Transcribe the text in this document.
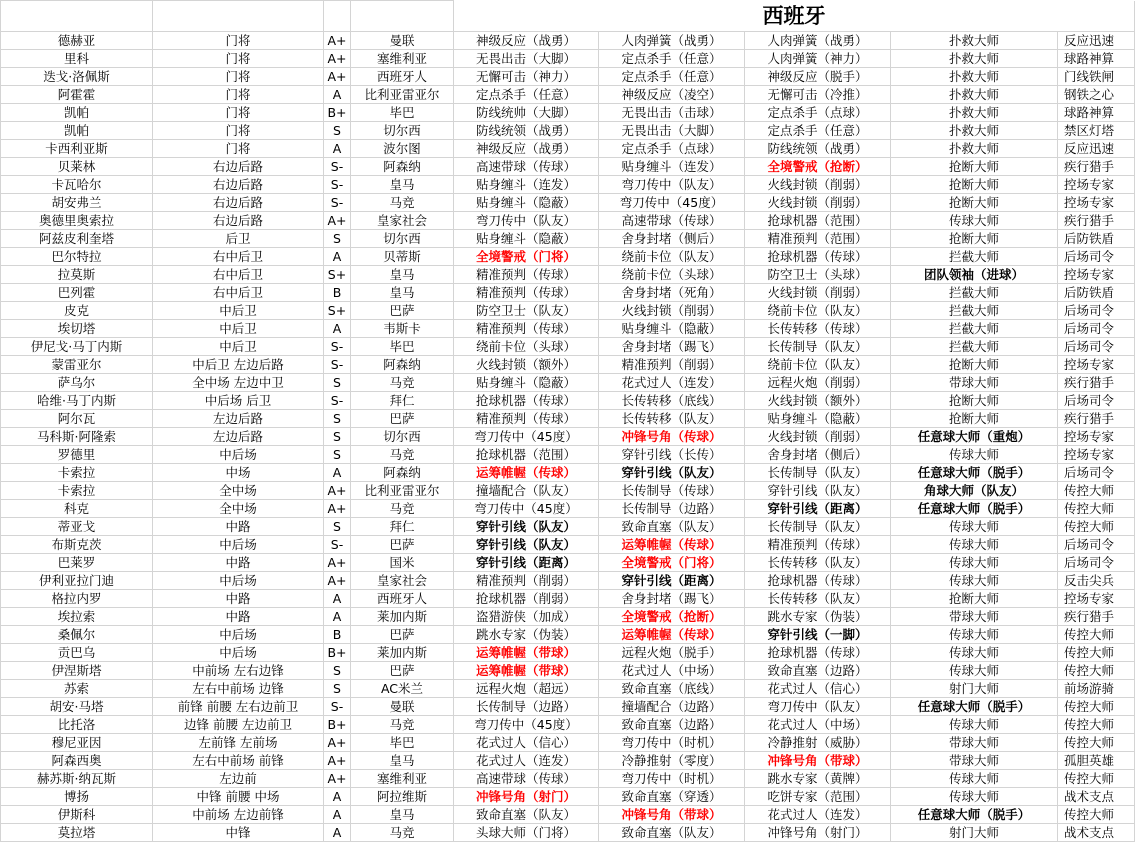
				西班牙				
德赫亚	门将	A+	曼联	神级反应（战勇）	人肉弹簧（战勇）	人肉弹簧（战勇）	扑救大师	反应迅速
里科	门将	A+	塞维利亚	无畏出击（大脚）	定点杀手（任意）	人肉弹簧（神力）	扑救大师	球路神算
迭戈·洛佩斯	门将	A+	西班牙人	无懈可击（神力）	定点杀手（任意）	神级反应（脱手）	扑救大师	门线铁闸
阿霍霍	门将	A	比利亚雷亚尔	定点杀手（任意）	神级反应（凌空）	无懈可击（冷推）	扑救大师	钢铁之心
凯帕	门将	B+	毕巴	防线统帅（大脚）	无畏出击（击球）	定点杀手（点球）	扑救大师	球路神算
凯帕	门将	S	切尔西	防线统领（战勇）	无畏出击（大脚）	定点杀手（任意）	扑救大师	禁区灯塔
卡西利亚斯	门将	A	波尔图	神级反应（战勇）	定点杀手（点球）	防线统领（战勇）	扑救大师	反应迅速
贝莱林	右边后路	S-	阿森纳	高速带球（传球）	贴身缠斗（连发）	全境警戒（抢断）	抢断大师	疾行猎手
卡瓦哈尔	右边后路	S-	皇马	贴身缠斗（连发）	弯刀传中（队友）	火线封锁（削弱）	抢断大师	控场专家
胡安弗兰	右边后路	S-	马竞	贴身缠斗（隐蔽）	弯刀传中（45度）	火线封锁（削弱）	抢断大师	控场专家
奥德里奥索拉	右边后路	A+	皇家社会	弯刀传中（队友）	高速带球（传球）	抢球机器（范围）	传球大师	疾行猎手
阿兹皮利奎塔	后卫	S	切尔西	贴身缠斗（隐蔽）	舍身封堵（侧后）	精准预判（范围）	抢断大师	后防铁盾
巴尔特拉	右中后卫	A	贝蒂斯	全境警戒（门将）	绕前卡位（队友）	抢球机器（传球）	拦截大师	后场司令
拉莫斯	右中后卫	S+	皇马	精准预判（传球）	绕前卡位（头球）	防空卫士（头球）	团队领袖（进球）	控场专家
巴列霍	右中后卫	B	皇马	精准预判（传球）	舍身封堵（死角）	火线封锁（削弱）	拦截大师	后防铁盾
皮克	中后卫	S+	巴萨	防空卫士（队友）	火线封锁（削弱）	绕前卡位（队友）	拦截大师	后场司令
埃切塔	中后卫	A	韦斯卡	精准预判（传球）	贴身缠斗（隐蔽）	长传转移（传球）	拦截大师	后场司令
伊尼戈·马丁内斯	中后卫	S-	毕巴	绕前卡位（头球）	舍身封堵（踢飞）	长传制导（队友）	拦截大师	后场司令
蒙雷亚尔	中后卫 左边后路	S-	阿森纳	火线封锁（额外）	精准预判（削弱）	绕前卡位（队友）	抢断大师	控场专家
萨乌尔	全中场 左边中卫	S	马竞	贴身缠斗（隐蔽）	花式过人（连发）	远程火炮（削弱）	带球大师	疾行猎手
哈维·马丁内斯	中后场 后卫	S-	拜仁	抢球机器（传球）	长传转移（底线）	火线封锁（额外）	抢断大师	后场司令
阿尔瓦	左边后路	S	巴萨	精准预判（传球）	长传转移（队友）	贴身缠斗（隐蔽）	抢断大师	疾行猎手
马科斯·阿隆索	左边后路	S	切尔西	弯刀传中（45度）	冲锋号角（传球）	火线封锁（削弱）	任意球大师（重炮）	控场专家
罗德里	中后场	S	马竞	抢球机器（范围）	穿针引线（长传）	舍身封堵（侧后）	传球大师	控场专家
卡索拉	中场	A	阿森纳	运筹帷幄（传球）	穿针引线（队友）	长传制导（队友）	任意球大师（脱手）	后场司令
卡索拉	全中场	A+	比利亚雷亚尔	撞墙配合（队友）	长传制导（传球）	穿针引线（队友）	角球大师（队友）	传控大师
科克	全中场	A+	马竞	弯刀传中（45度）	长传制导（边路）	穿针引线（距离）	任意球大师（脱手）	传控大师
蒂亚戈	中路	S	拜仁	穿针引线（队友）	致命直塞（队友）	长传制导（队友）	传球大师	传控大师
布斯克茨	中后场	S-	巴萨	穿针引线（队友）	运筹帷幄（传球）	精准预判（传球）	传球大师	后场司令
巴莱罗	中路	A+	国米	穿针引线（距离）	全境警戒（门将）	长传转移（队友）	传球大师	后场司令
伊利亚拉门迪	中后场	A+	皇家社会	精准预判（削弱）	穿针引线（距离）	抢球机器（传球）	传球大师	反击尖兵
格拉内罗	中路	A	西班牙人	抢球机器（削弱）	舍身封堵（踢飞）	长传转移（队友）	抢断大师	控场专家
埃拉索	中路	A	莱加内斯	盗猎游侠（加成）	全境警戒（抢断）	跳水专家（伪装）	带球大师	疾行猎手
桑佩尔	中后场	B	巴萨	跳水专家（伪装）	运筹帷幄（传球）	穿针引线（一脚）	传球大师	传控大师
贡巴乌	中后场	B+	莱加内斯	运筹帷幄（带球）	远程火炮（脱手）	抢球机器（传球）	传球大师	传控大师
伊涅斯塔	中前场 左右边锋	S	巴萨	运筹帷幄（带球）	花式过人（中场）	致命直塞（边路）	传球大师	传控大师
苏索	左右中前场 边锋	S	AC米兰	远程火炮（超远）	致命直塞（底线）	花式过人（信心）	射门大师	前场游骑
胡安·马塔	前锋 前腰 左右边前卫	S-	曼联	长传制导（边路）	撞墙配合（边路）	弯刀传中（队友）	任意球大师（脱手）	传控大师
比托洛	边锋 前腰 左边前卫	B+	马竞	弯刀传中（45度）	致命直塞（边路）	花式过人（中场）	传球大师	传控大师
穆尼亚因	左前锋 左前场	A+	毕巴	花式过人（信心）	弯刀传中（时机）	冷静推射（威胁）	带球大师	传控大师
阿森西奥	左右中前场 前锋	A+	皇马	花式过人（连发）	冷静推射（零度）	冲锋号角（带球）	带球大师	孤胆英雄
赫苏斯·纳瓦斯	左边前	A+	塞维利亚	高速带球（传球）	弯刀传中（时机）	跳水专家（黄牌）	传球大师	传控大师
博扬	中锋 前腰 中场	A	阿拉维斯	冲锋号角（射门）	致命直塞（穿透）	吃饼专家（范围）	传球大师	战术支点
伊斯科	中前场 左边前锋	A	皇马	致命直塞（队友）	冲锋号角（带球）	花式过人（连发）	任意球大师（脱手）	传控大师
莫拉塔	中锋	A	马竞	头球大师（门将）	致命直塞（队友）	冲锋号角（射门）	射门大师	战术支点
